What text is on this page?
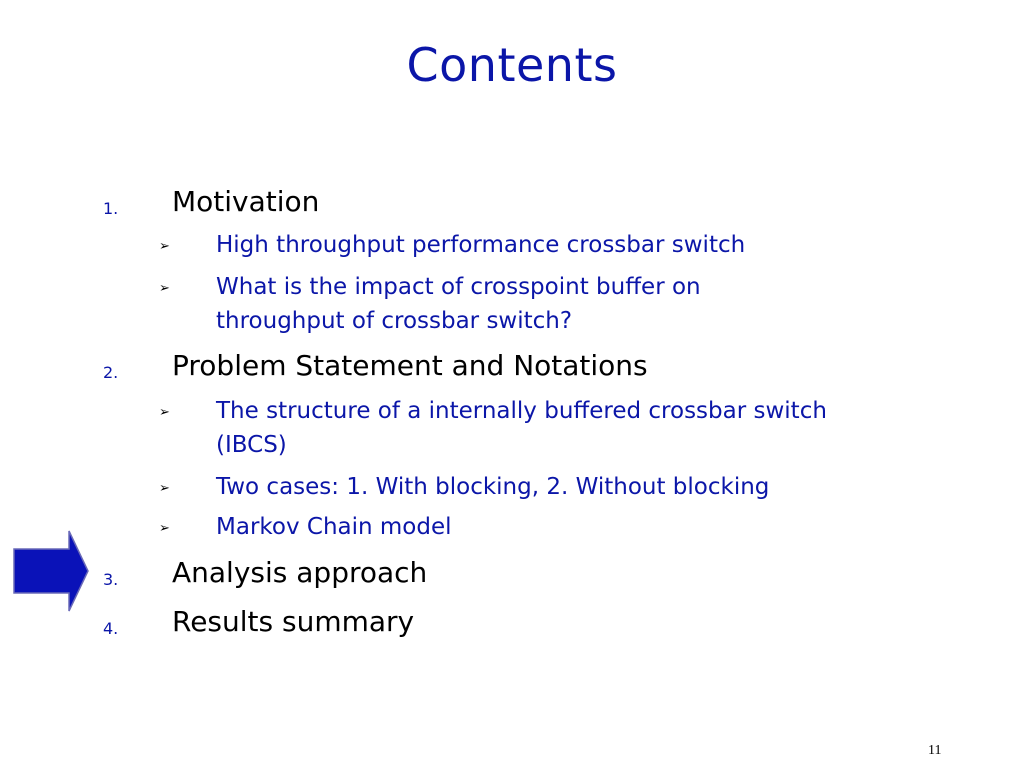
Contents
1. Motivation
➢ High throughput performance crossbar switch
➢ What is the impact of crosspoint buffer on throughput of crossbar switch?
2. Problem Statement and Notations
➢ The structure of a internally buffered crossbar switch (IBCS)
➢ Two cases: 1. With blocking, 2. Without blocking
➢ Markov Chain model
3. Analysis approach
4. Results summary
11
